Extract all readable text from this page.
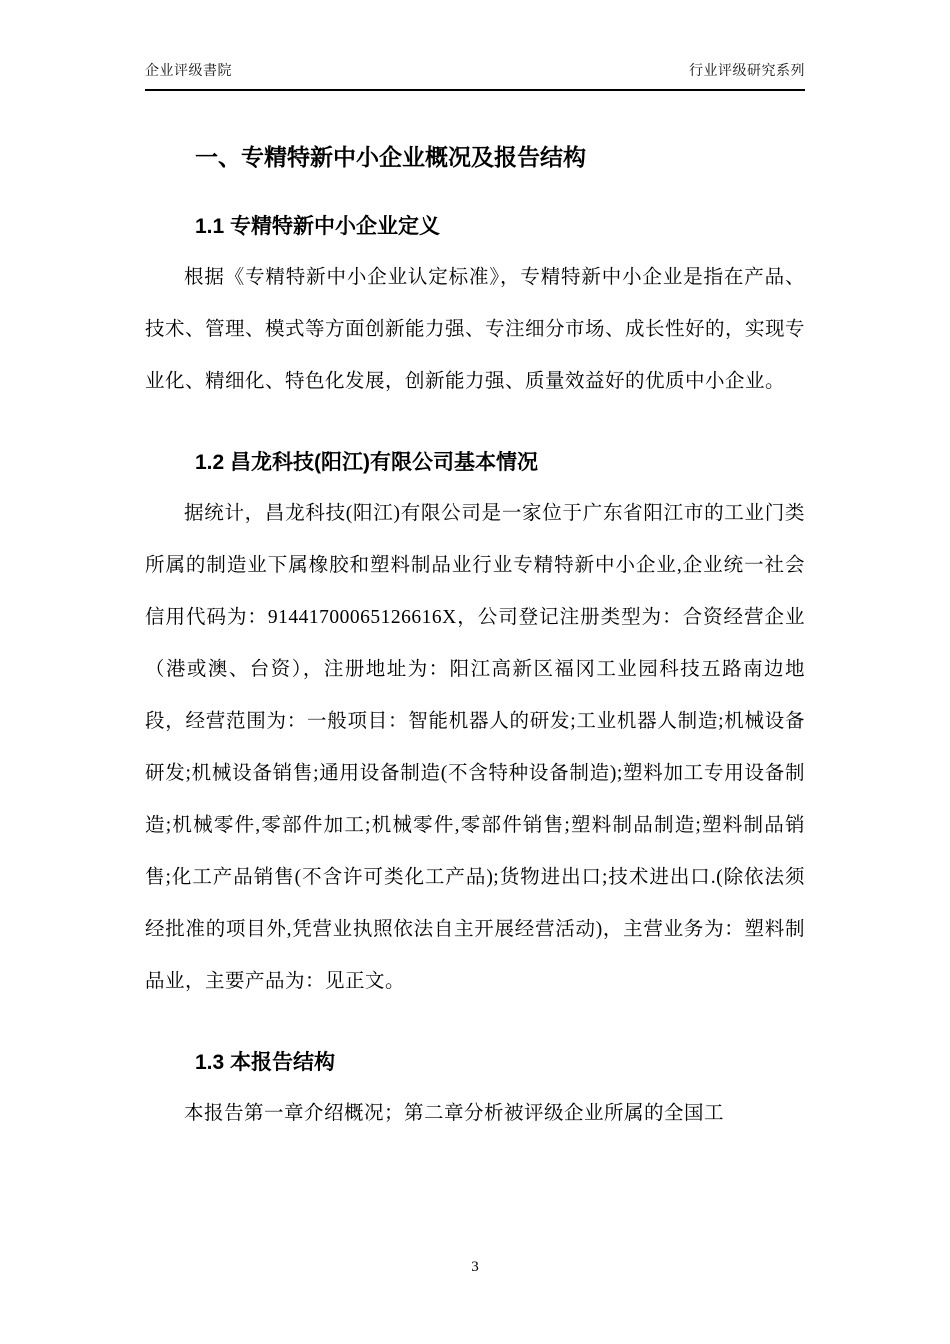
企业评级書院	行业评级研究系列
一、专精特新中小企业概况及报告结构
1.1 专精特新中小企业定义

根据《专精特新中小企业认定标准》，专精特新中小企业是指在产品、技术、管理、模式等方面创新能力强、专注细分市场、成长性好的，实现专业化、精细化、特色化发展，创新能力强、质量效益好的优质中小企业。

1.2 昌龙科技(阳江)有限公司基本情况

据统计，昌龙科技(阳江)有限公司是一家位于广东省阳江市的工业门类所属的制造业下属橡胶和塑料制品业行业专精特新中小企业,企业统一社会信用代码为：91441700065126616X，公司登记注册类型为：合资经营企业（港或澳、台资），注册地址为：阳江高新区福冈工业园科技五路南边地段，经营范围为：一般项目：智能机器人的研发;工业机器人制造;机械设备研发;机械设备销售;通用设备制造(不含特种设备制造);塑料加工专用设备制造;机械零件,零部件加工;机械零件,零部件销售;塑料制品制造;塑料制品销售;化工产品销售(不含许可类化工产品);货物进出口;技术进出口.(除依法须经批准的项目外,凭营业执照依法自主开展经营活动)，主营业务为：塑料制品业，主要产品为：见正文。

1.3 本报告结构

本报告第一章介绍概况；第二章分析被评级企业所属的全国工

3
